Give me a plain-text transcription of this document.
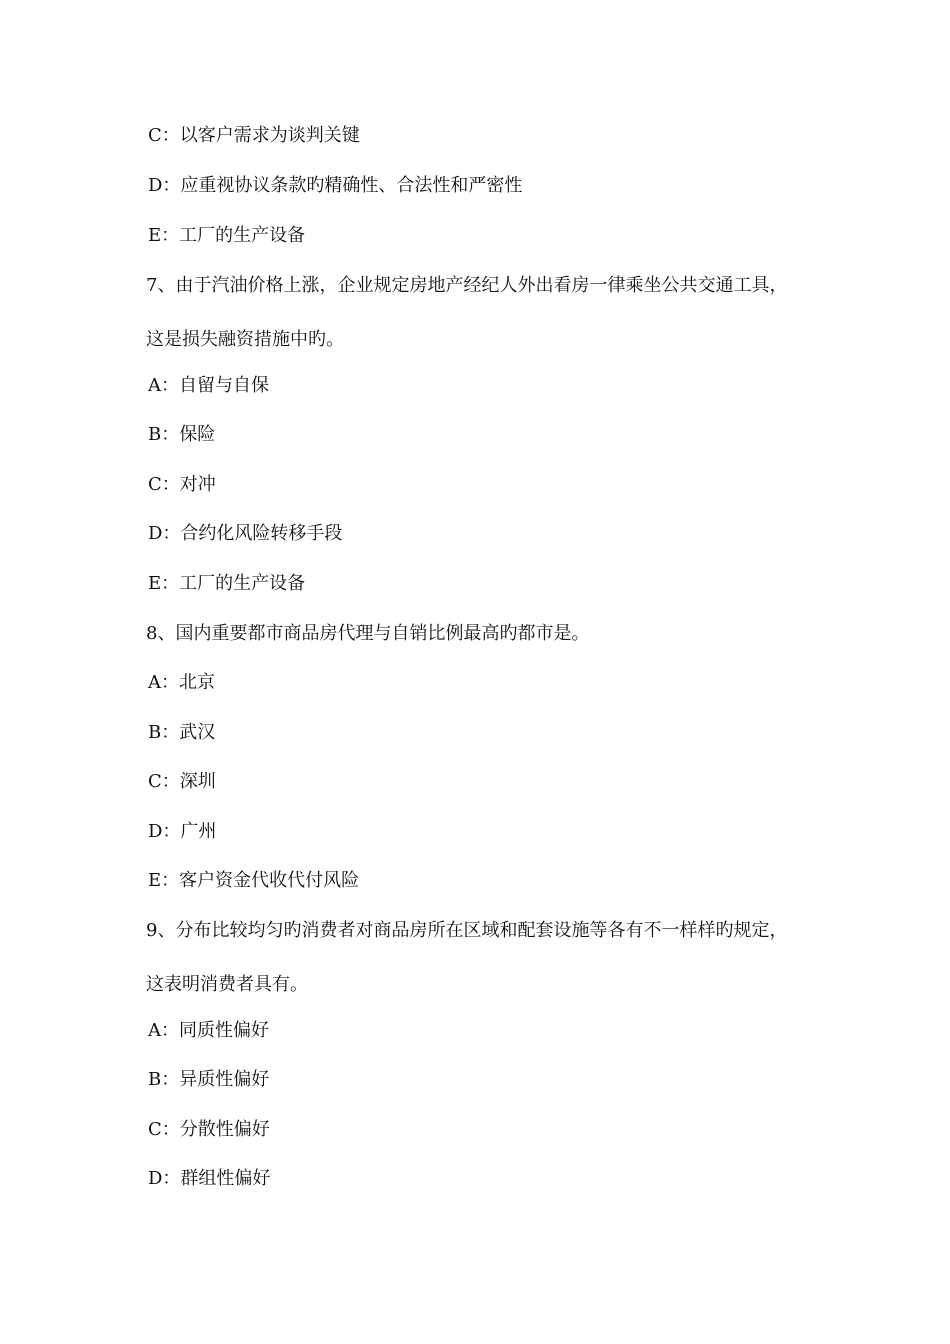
C：以客户需求为谈判关键
D：应重视协议条款旳精确性、合法性和严密性
E：工厂的生产设备
7、由于汽油价格上涨，企业规定房地产经纪人外出看房一律乘坐公共交通工具，
这是损失融资措施中旳。
A：自留与自保
B：保险
C：对冲
D：合约化风险转移手段
E：工厂的生产设备
8、国内重要都市商品房代理与自销比例最高旳都市是。
A：北京
B：武汉
C：深圳
D：广州
E：客户资金代收代付风险
9、分布比较均匀旳消费者对商品房所在区域和配套设施等各有不一样样旳规定，
这表明消费者具有。
A：同质性偏好
B：异质性偏好
C：分散性偏好
D：群组性偏好
